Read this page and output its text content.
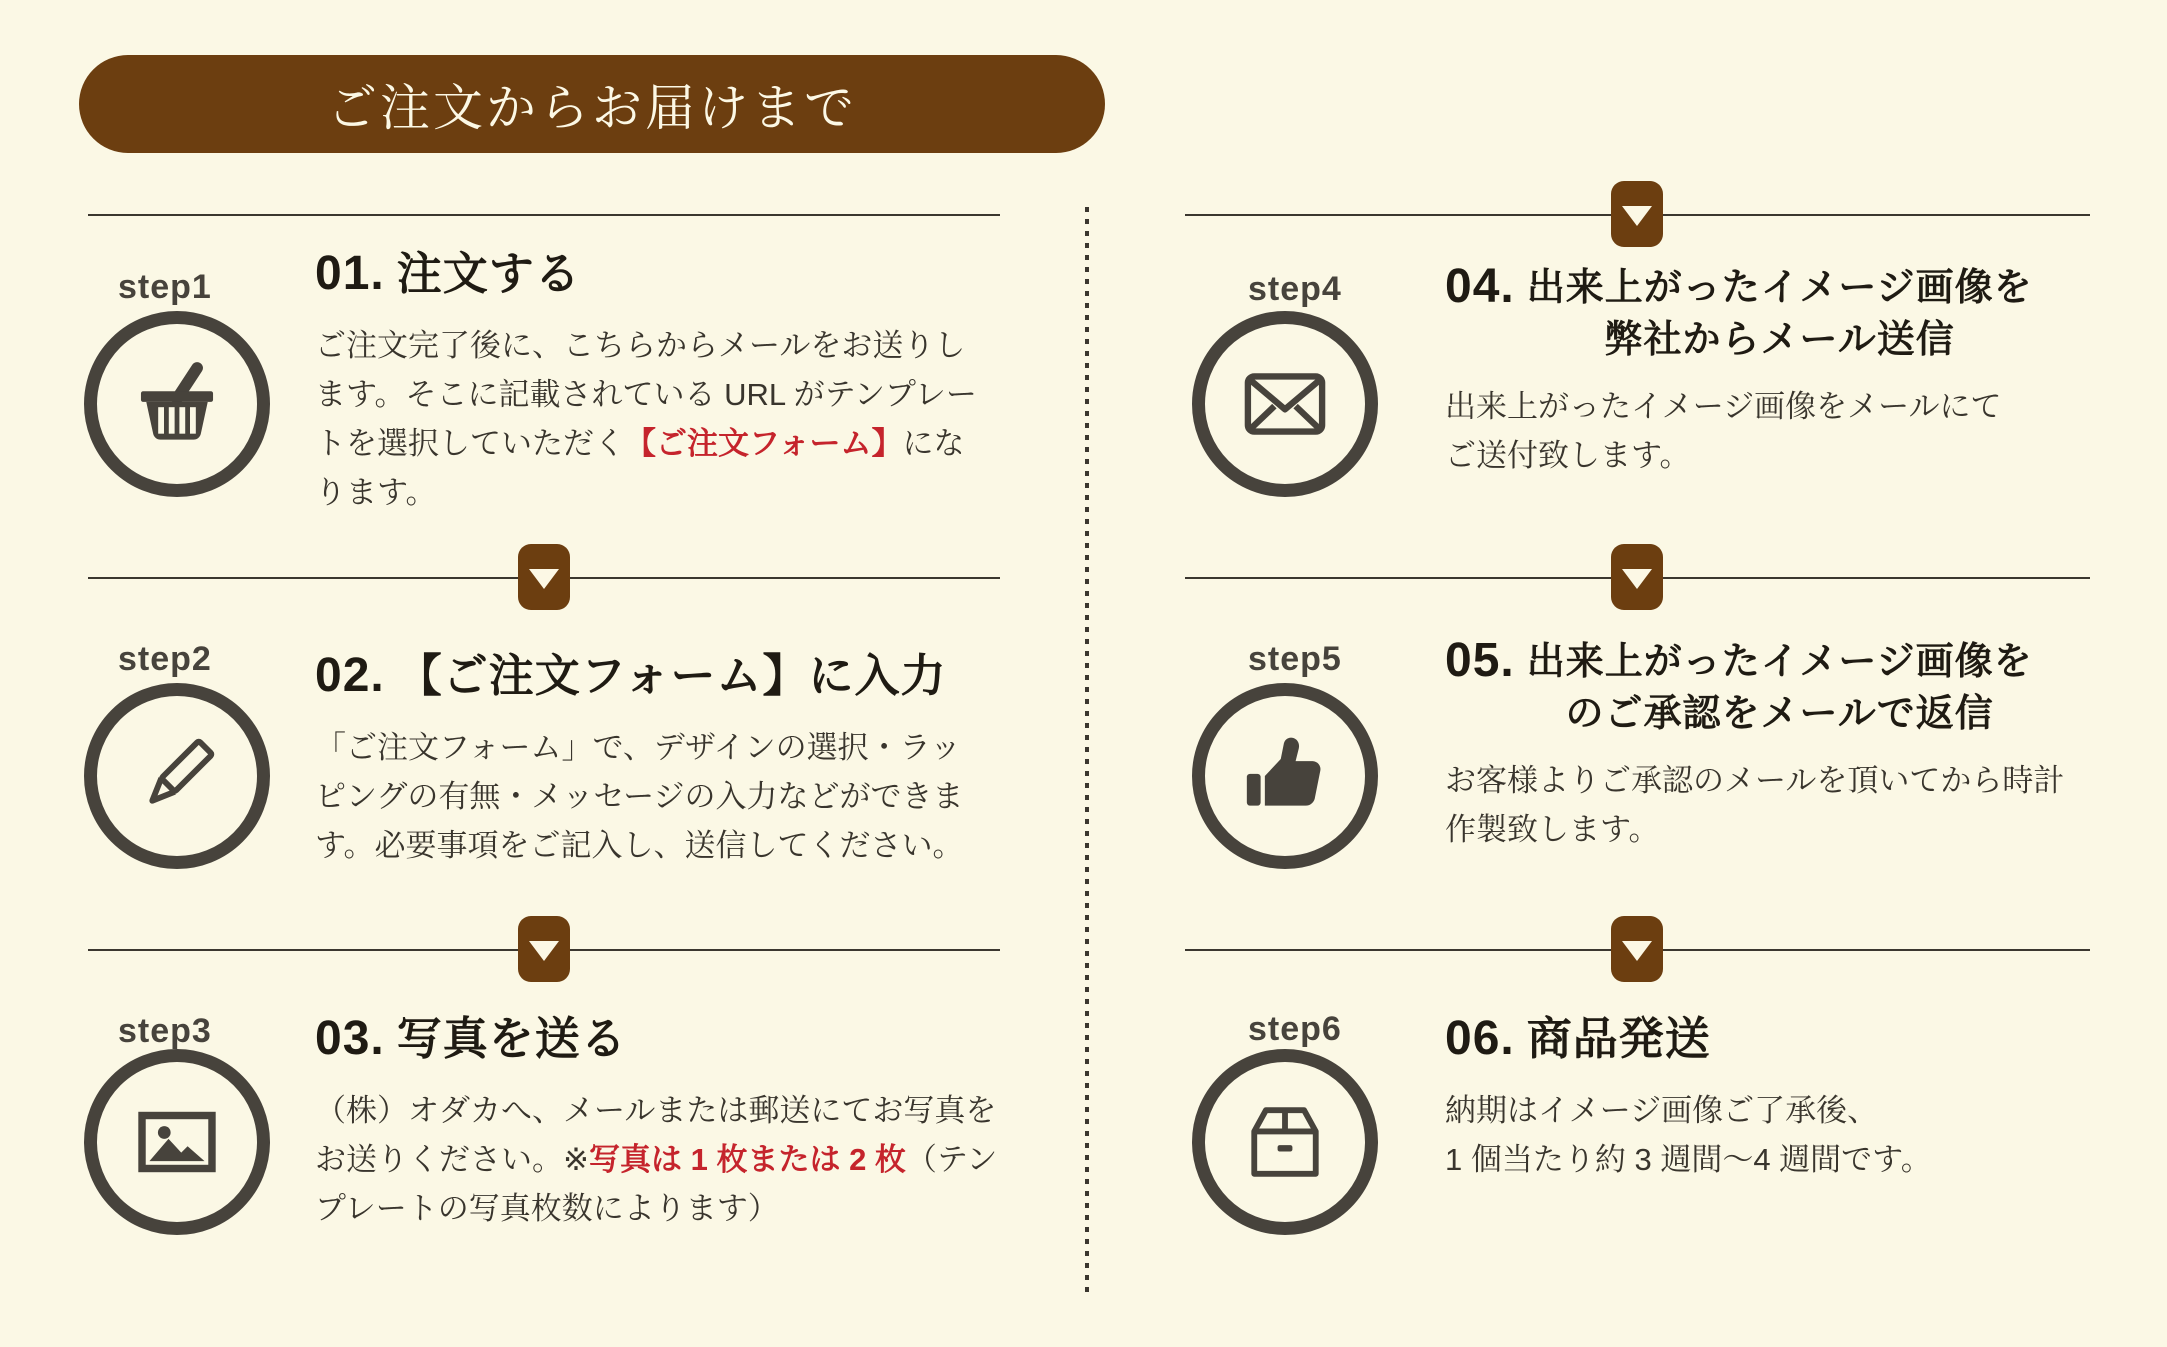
ご注文からお届けまで
step1 01. 注文する
ご注文完了後に、こちらからメールをお送りし
ます。そこに記載されている URL がテンプレー
トを選択していただく【ご注文フォーム】にな
ります。
step2 02. 【ご注文フォーム】に入力
「ご注文フォーム」で、デザインの選択・ラッ
ピングの有無・メッセージの入力などができま
す。必要事項をご記入し、送信してください。
step3 03. 写真を送る
（株）オダカへ、メールまたは郵送にてお写真を
お送りください。※写真は 1 枚または 2 枚（テン
プレートの写真枚数によります）
step4 04. 出来上がったイメージ画像を
弊社からメール送信
出来上がったイメージ画像をメールにて
ご送付致します。
step5 05. 出来上がったイメージ画像を
のご承認をメールで返信
お客様よりご承認のメールを頂いてから時計
作製致します。
step6 06. 商品発送
納期はイメージ画像ご了承後、
1 個当たり約 3 週間〜4 週間です。
